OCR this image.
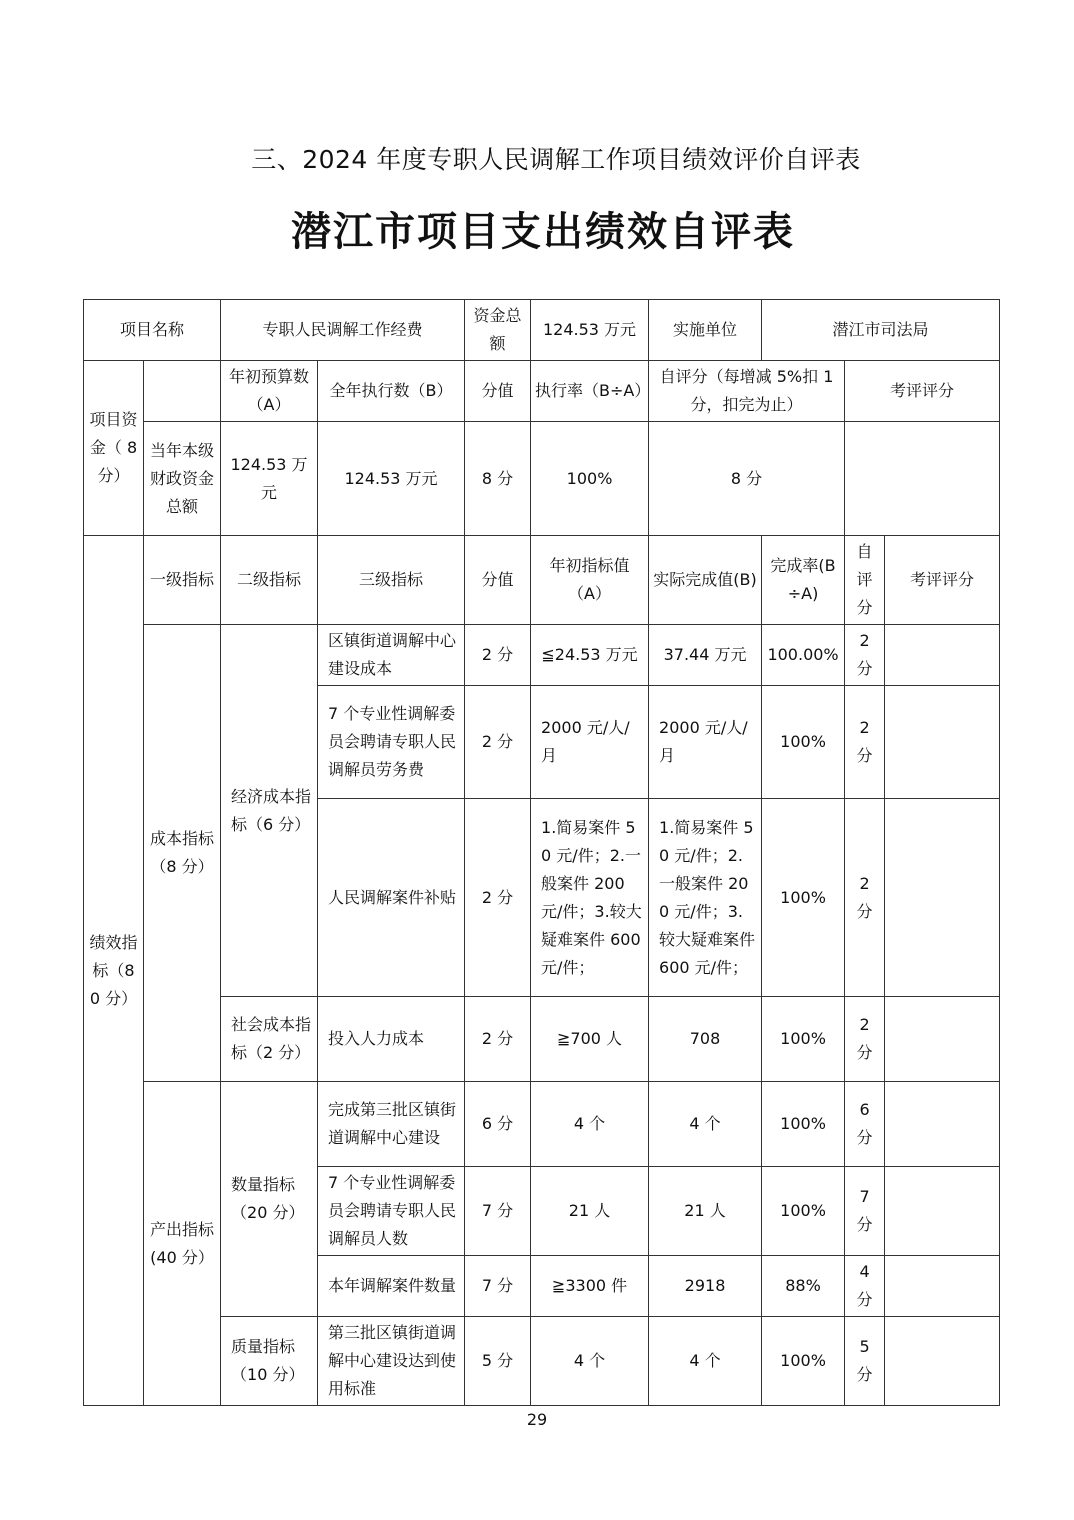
三、2024 年度专职人民调解工作项目绩效评价自评表
潜江市项目支出绩效自评表
项目名称		专职人民调解工作经费		资金总额	124.53 万元	实施单位	潜江市司法局		
项目资金（ 8 分）		年初预算数（A）	全年执行数（B）	分值	执行率（B÷A）	自评分（每增减 5%扣 1 分，扣完为止）		考评评分	
	当年本级财政资金总额	124.53 万元	124.53 万元	8 分	100%	8 分			
绩效指标（80 分）	一级指标	二级指标	三级指标	分值	年初指标值（A）	实际完成值(B)	完成率(B÷A)	自评分	考评评分
	成本指标（8 分）	经济成本指标（6 分）	区镇街道调解中心建设成本	2 分	≦24.53 万元	37.44 万元	100.00%	2 分	
			7 个专业性调解委员会聘请专职人民调解员劳务费	2 分	2000 元/人/月	2000 元/人/月	100%	2 分	
			人民调解案件补贴	2 分	1.简易案件 50 元/件；2.一般案件 200 元/件；3.较大疑难案件 600 元/件；	1.简易案件 50 元/件；2.一般案件 200 元/件；3.较大疑难案件 600 元/件；	100%	2 分	
		社会成本指标（2 分）	投入人力成本	2 分	≧700 人	708	100%	2 分	
	产出指标(40 分）	数量指标（20 分）	完成第三批区镇街道调解中心建设	6 分	4 个	4 个	100%	6 分	
			7 个专业性调解委员会聘请专职人民调解员人数	7 分	21 人	21 人	100%	7 分	
			本年调解案件数量	7 分	≧3300 件	2918	88%	4 分	
		质量指标（10 分）	第三批区镇街道调解中心建设达到使用标准	5 分	4 个	4 个	100%	5 分	
29
